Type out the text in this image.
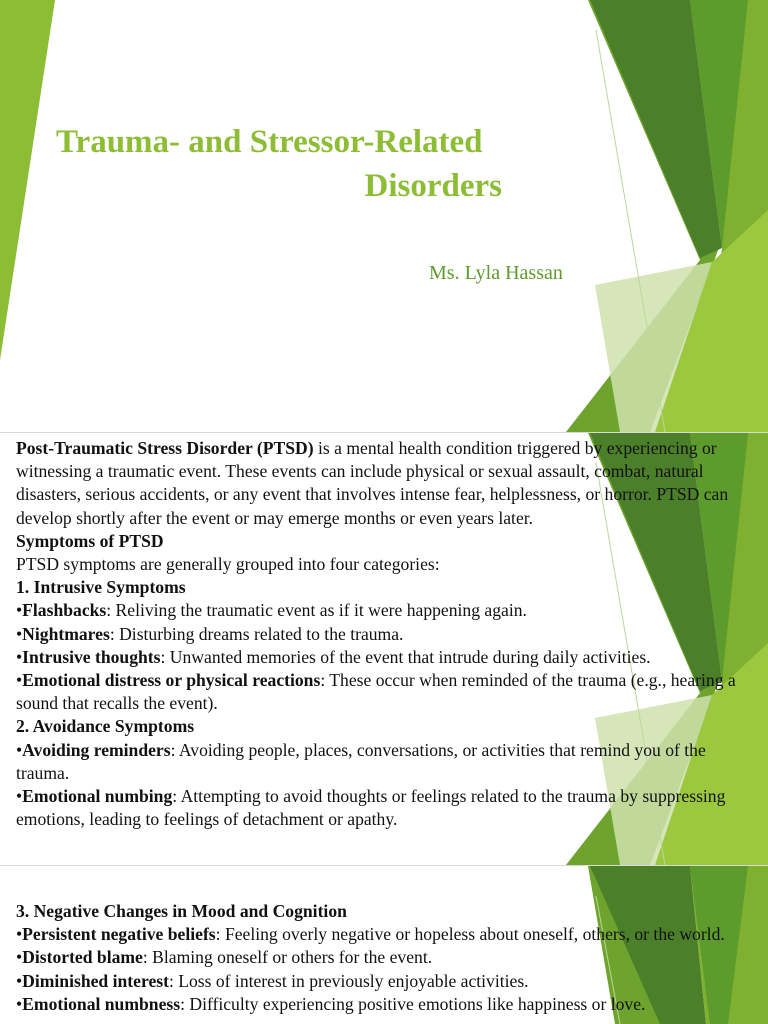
Trauma- and Stressor-Related
Disorders

Ms. Lyla Hassan

Post-Traumatic Stress Disorder (PTSD) is a mental health condition triggered by experiencing or witnessing a traumatic event. These events can include physical or sexual assault, combat, natural disasters, serious accidents, or any event that involves intense fear, helplessness, or horror. PTSD can develop shortly after the event or may emerge months or even years later.

Symptoms of PTSD

PTSD symptoms are generally grouped into four categories:

1. Intrusive Symptoms

•Flashbacks: Reliving the traumatic event as if it were happening again.

•Nightmares: Disturbing dreams related to the trauma.

•Intrusive thoughts: Unwanted memories of the event that intrude during daily activities.

•Emotional distress or physical reactions: These occur when reminded of the trauma (e.g., hearing a sound that recalls the event).

2. Avoidance Symptoms

•Avoiding reminders: Avoiding people, places, conversations, or activities that remind you of the trauma.

•Emotional numbing: Attempting to avoid thoughts or feelings related to the trauma by suppressing emotions, leading to feelings of detachment or apathy.

3. Negative Changes in Mood and Cognition

•Persistent negative beliefs: Feeling overly negative or hopeless about oneself, others, or the world.

•Distorted blame: Blaming oneself or others for the event.

•Diminished interest: Loss of interest in previously enjoyable activities.

•Emotional numbness: Difficulty experiencing positive emotions like happiness or love.
